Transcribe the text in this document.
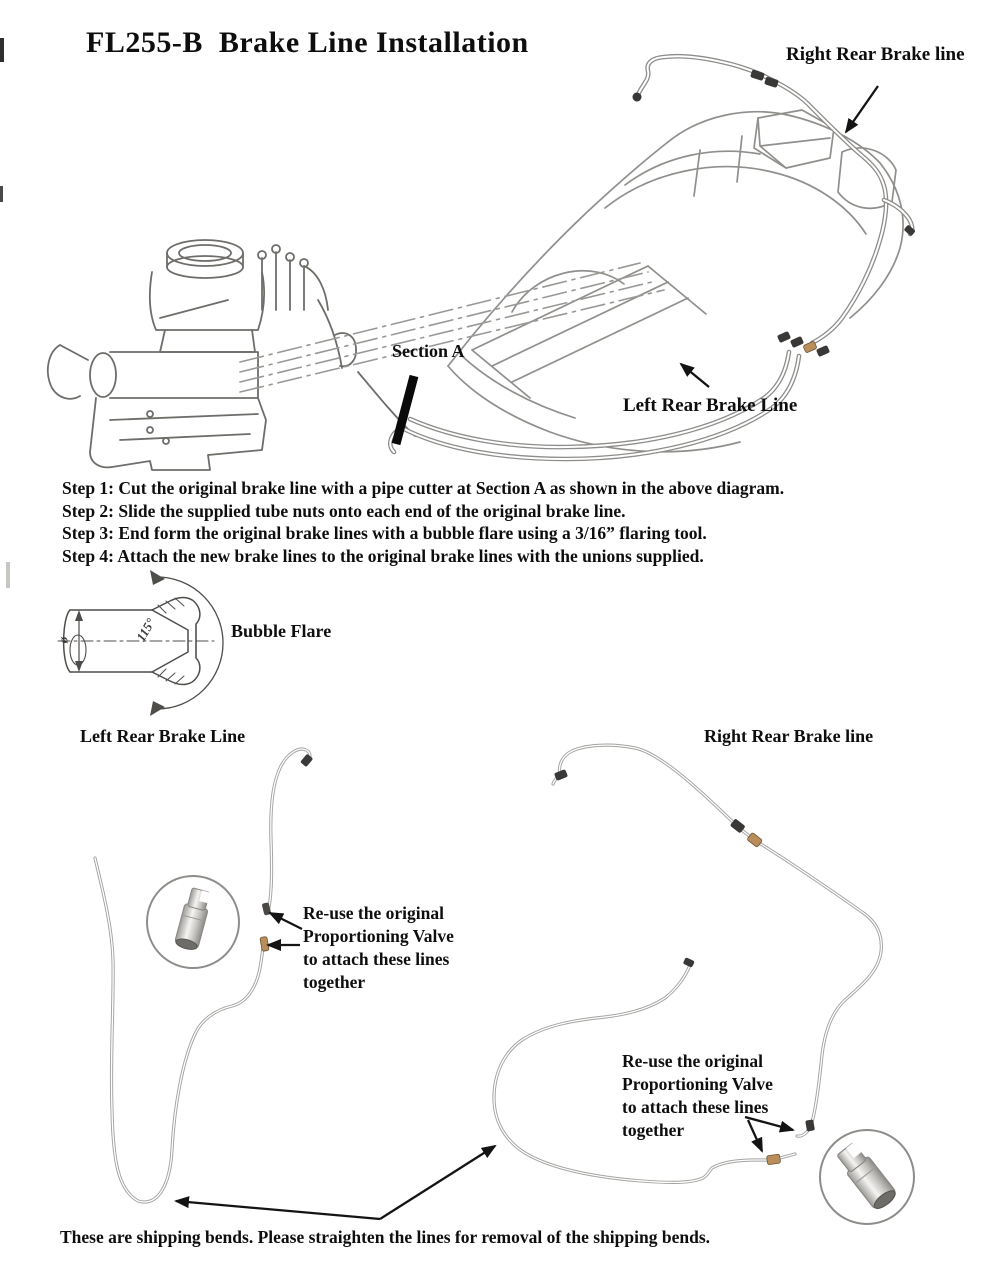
FL255-B  Brake Line Installation	Right Rear Brake line
Section A
Left Rear Brake Line
Step 1: Cut the original brake line with a pipe cutter at Section A as shown in the above diagram.
Step 2: Slide the supplied tube nuts onto each end of the original brake line.
Step 3: End form the original brake lines with a bubble flare using a 3/16” flaring tool.
Step 4: Attach the new brake lines to the original brake lines with the unions supplied.
115°
ø	Bubble Flare
Left Rear Brake Line	Right Rear Brake line
Re-use the original
Proportioning Valve
to attach these lines
together
Re-use the original
Proportioning Valve
to attach these lines
together
These are shipping bends. Please straighten the lines for removal of the shipping bends.
